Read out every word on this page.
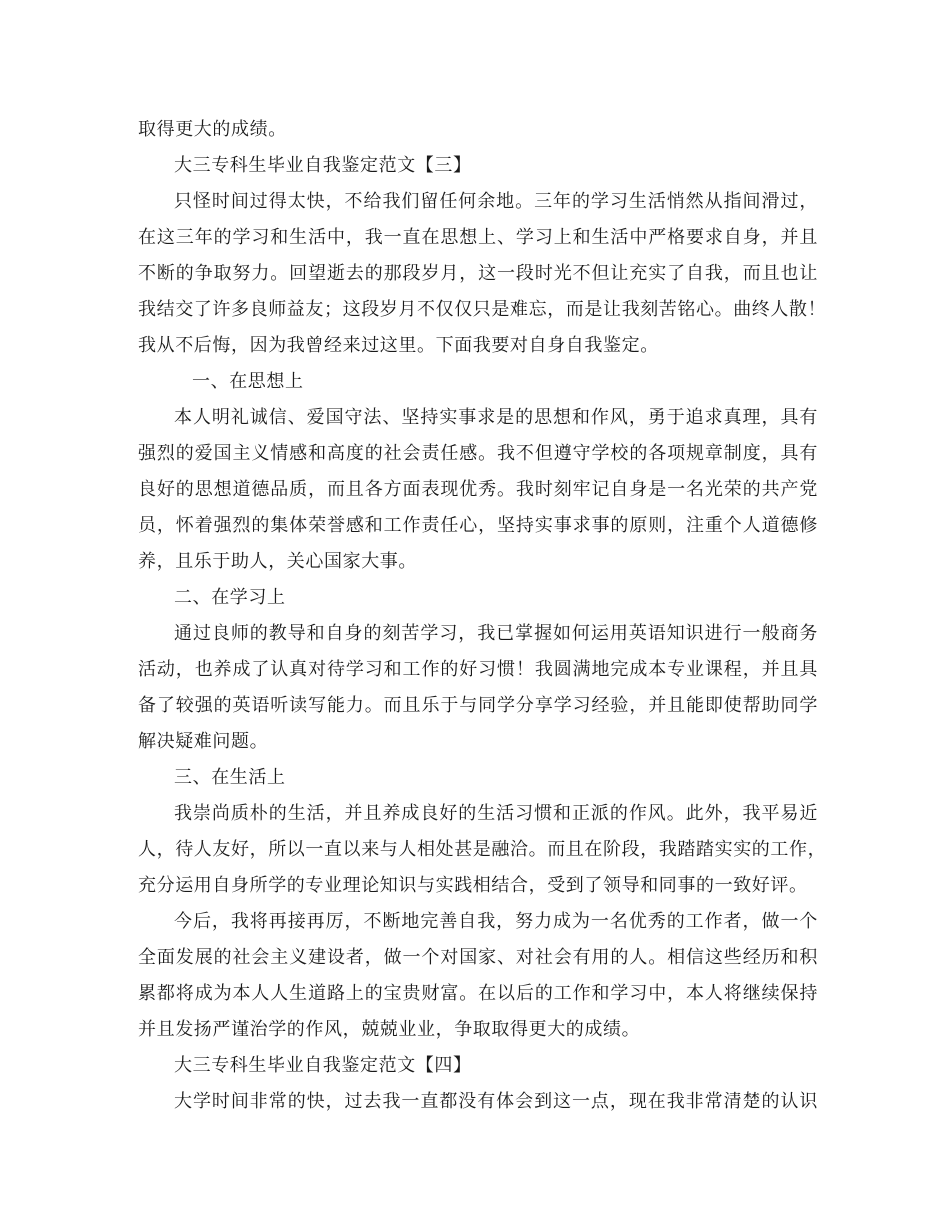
取得更大的成绩。
大三专科生毕业自我鉴定范文【三】
只怪时间过得太快，不给我们留任何余地。三年的学习生活悄然从指间滑过，
在这三年的学习和生活中，我一直在思想上、学习上和生活中严格要求自身，并且
不断的争取努力。回望逝去的那段岁月，这一段时光不但让充实了自我，而且也让
我结交了许多良师益友；这段岁月不仅仅只是难忘，而是让我刻苦铭心。曲终人散！
我从不后悔，因为我曾经来过这里。下面我要对自身自我鉴定。
一、在思想上
本人明礼诚信、爱国守法、坚持实事求是的思想和作风，勇于追求真理，具有
强烈的爱国主义情感和高度的社会责任感。我不但遵守学校的各项规章制度，具有
良好的思想道德品质，而且各方面表现优秀。我时刻牢记自身是一名光荣的共产党
员，怀着强烈的集体荣誉感和工作责任心，坚持实事求事的原则，注重个人道德修
养，且乐于助人，关心国家大事。
二、在学习上
通过良师的教导和自身的刻苦学习，我已掌握如何运用英语知识进行一般商务
活动，也养成了认真对待学习和工作的好习惯！我圆满地完成本专业课程，并且具
备了较强的英语听读写能力。而且乐于与同学分享学习经验，并且能即使帮助同学
解决疑难问题。
三、在生活上
我崇尚质朴的生活，并且养成良好的生活习惯和正派的作风。此外，我平易近
人，待人友好，所以一直以来与人相处甚是融洽。而且在阶段，我踏踏实实的工作，
充分运用自身所学的专业理论知识与实践相结合，受到了领导和同事的一致好评。
今后，我将再接再厉，不断地完善自我，努力成为一名优秀的工作者，做一个
全面发展的社会主义建设者，做一个对国家、对社会有用的人。相信这些经历和积
累都将成为本人人生道路上的宝贵财富。在以后的工作和学习中，本人将继续保持
并且发扬严谨治学的作风，兢兢业业，争取取得更大的成绩。
大三专科生毕业自我鉴定范文【四】
大学时间非常的快，过去我一直都没有体会到这一点，现在我非常清楚的认识
